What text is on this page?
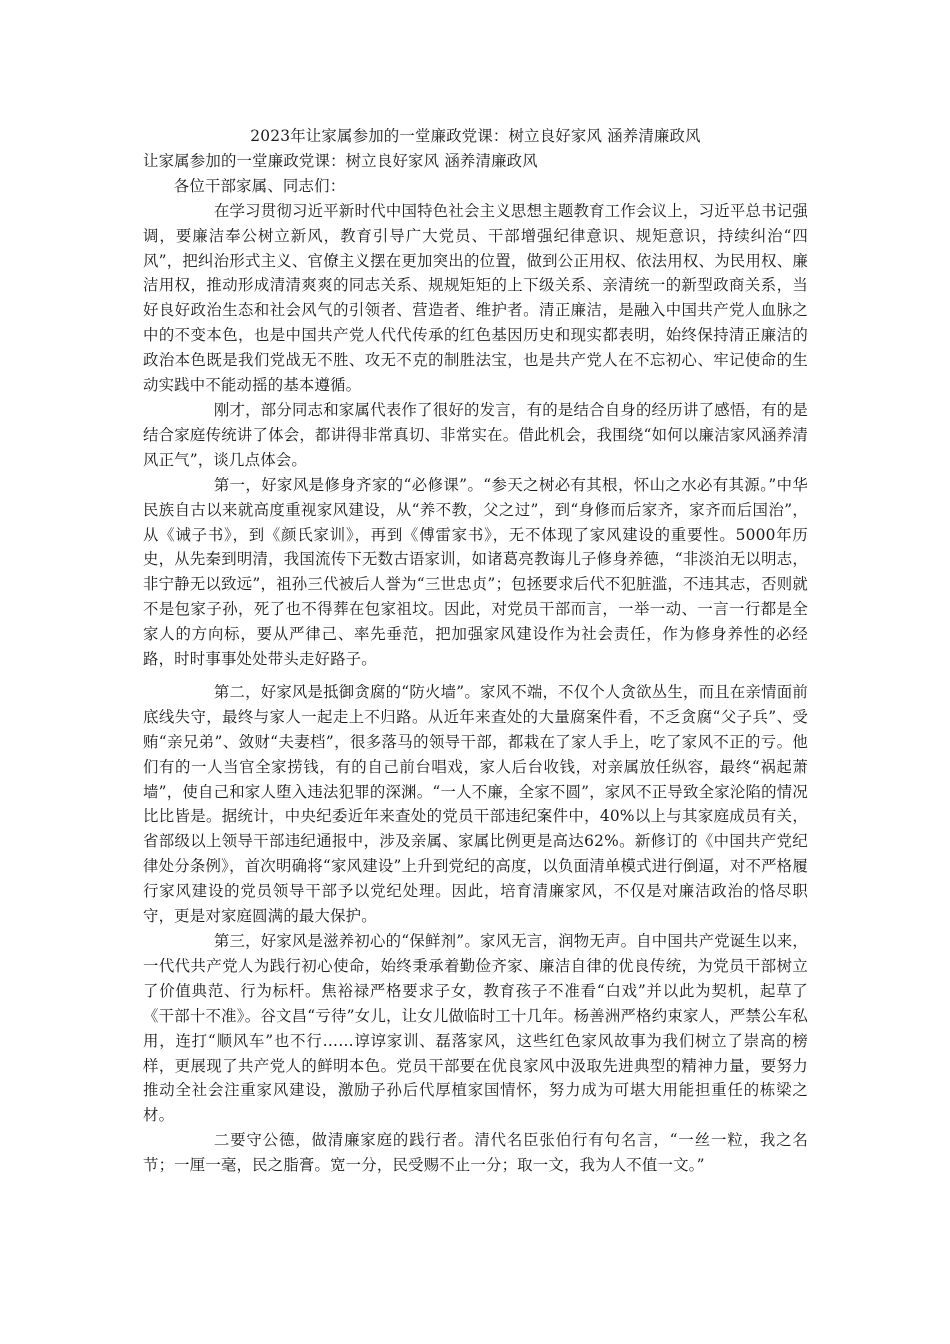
2023年让家属参加的一堂廉政党课：树立良好家风 涵养清廉政风

让家属参加的一堂廉政党课：树立良好家风 涵养清廉政风

各位干部家属、同志们：

在学习贯彻习近平新时代中国特色社会主义思想主题教育工作会议上，习近平总书记强调，要廉洁奉公树立新风，教育引导广大党员、干部增强纪律意识、规矩意识，持续纠治“四风”，把纠治形式主义、官僚主义摆在更加突出的位置，做到公正用权、依法用权、为民用权、廉洁用权，推动形成清清爽爽的同志关系、规规矩矩的上下级关系、亲清统一的新型政商关系，当好良好政治生态和社会风气的引领者、营造者、维护者。清正廉洁，是融入中国共产党人血脉之中的不变本色，也是中国共产党人代代传承的红色基因历史和现实都表明，始终保持清正廉洁的政治本色既是我们党战无不胜、攻无不克的制胜法宝，也是共产党人在不忘初心、牢记使命的生动实践中不能动摇的基本遵循。

刚才，部分同志和家属代表作了很好的发言，有的是结合自身的经历讲了感悟，有的是结合家庭传统讲了体会，都讲得非常真切、非常实在。借此机会，我围绕“如何以廉洁家风涵养清风正气”，谈几点体会。

第一，好家风是修身齐家的“必修课”。“参天之树必有其根，怀山之水必有其源。”中华民族自古以来就高度重视家风建设，从“养不教，父之过”，到“身修而后家齐，家齐而后国治”，从《诫子书》，到《颜氏家训》，再到《傅雷家书》，无不体现了家风建设的重要性。5000年历史，从先秦到明清，我国流传下无数古语家训，如诸葛亮教诲儿子修身养德，“非淡泊无以明志，非宁静无以致远”，祖孙三代被后人誉为“三世忠贞”；包拯要求后代不犯脏滥，不违其志，否则就不是包家子孙，死了也不得葬在包家祖坟。因此，对党员干部而言，一举一动、一言一行都是全家人的方向标，要从严律己、率先垂范，把加强家风建设作为社会责任，作为修身养性的必经路，时时事事处处带头走好路子。

第二，好家风是抵御贪腐的“防火墙”。家风不端，不仅个人贪欲丛生，而且在亲情面前底线失守，最终与家人一起走上不归路。从近年来查处的大量腐案件看，不乏贪腐“父子兵”、受贿“亲兄弟”、敛财“夫妻档”，很多落马的领导干部，都栽在了家人手上，吃了家风不正的亏。他们有的一人当官全家捞钱，有的自己前台唱戏，家人后台收钱，对亲属放任纵容，最终“祸起萧墙”，使自己和家人堕入违法犯罪的深渊。“一人不廉，全家不圆”，家风不正导致全家沦陷的情况比比皆是。据统计，中央纪委近年来查处的党员干部违纪案件中，40%以上与其家庭成员有关，省部级以上领导干部违纪通报中，涉及亲属、家属比例更是高达62%。新修订的《中国共产党纪律处分条例》，首次明确将“家风建设”上升到党纪的高度，以负面清单模式进行倒逼，对不严格履行家风建设的党员领导干部予以党纪处理。因此，培育清廉家风，不仅是对廉洁政治的恪尽职守，更是对家庭圆满的最大保护。

第三，好家风是滋养初心的“保鲜剂”。家风无言，润物无声。自中国共产党诞生以来，一代代共产党人为践行初心使命，始终秉承着勤俭齐家、廉洁自律的优良传统，为党员干部树立了价值典范、行为标杆。焦裕禄严格要求子女，教育孩子不准看“白戏”并以此为契机，起草了《干部十不准》。谷文昌“亏待”女儿，让女儿做临时工十几年。杨善洲严格约束家人，严禁公车私用，连打“顺风车”也不行……谆谆家训、磊落家风，这些红色家风故事为我们树立了崇高的榜样，更展现了共产党人的鲜明本色。党员干部要在优良家风中汲取先进典型的精神力量，要努力推动全社会注重家风建设，激励子孙后代厚植家国情怀，努力成为可堪大用能担重任的栋梁之材。

二要守公德，做清廉家庭的践行者。清代名臣张伯行有句名言，“一丝一粒，我之名节；一厘一毫，民之脂膏。宽一分，民受赐不止一分；取一文，我为人不值一文。”
